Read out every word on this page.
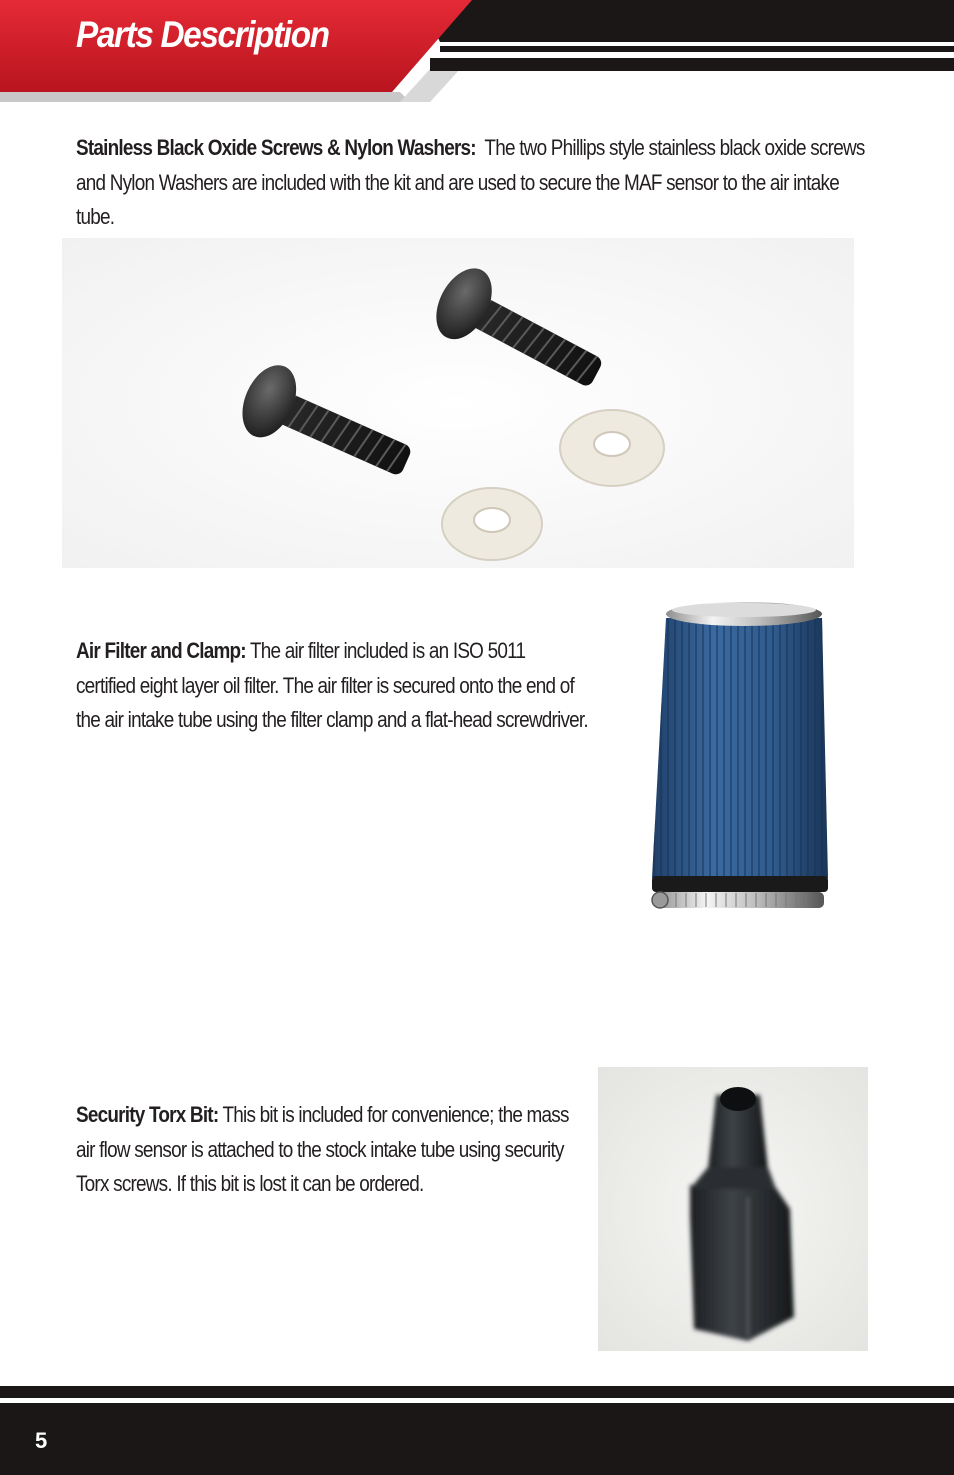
Parts Description

Stainless Black Oxide Screws & Nylon Washers: The two Phillips style stainless black oxide screws and Nylon Washers are included with the kit and are used to secure the MAF sensor to the air intake tube.

Air Filter and Clamp: The air filter included is an ISO 5011 certified eight layer oil filter. The air filter is secured onto the end of the air intake tube using the filter clamp and a flat-head screwdriver.

Security Torx Bit: This bit is included for convenience; the mass air flow sensor is attached to the stock intake tube using security Torx screws. If this bit is lost it can be ordered.

5
